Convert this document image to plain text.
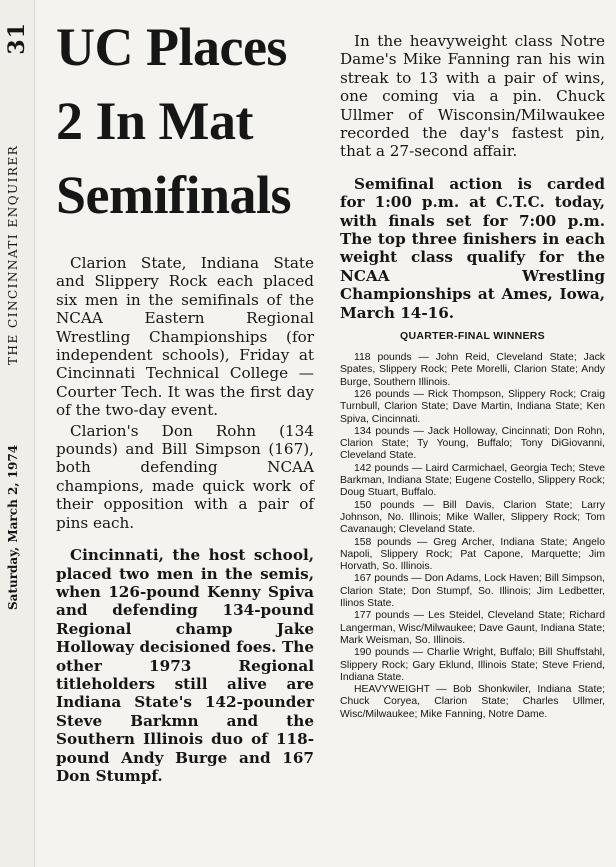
31
THE CINCINNATI ENQUIRER
Saturday, March 2, 1974
UC Places
2 In Mat
Semifinals

Clarion State, Indiana State and Slippery Rock each placed six men in the semifinals of the NCAA Eastern Regional Wrestling Championships (for independent schools), Friday at Cincinnati Technical College — Courter Tech. It was the first day of the two-day event.

Clarion's Don Rohn (134 pounds) and Bill Simpson (167), both defending NCAA champions, made quick work of their opposition with a pair of pins each.

Cincinnati, the host school, placed two men in the semis, when 126-pound Kenny Spiva and defending 134-pound Regional champ Jake Holloway decisioned foes. The other 1973 Regional titleholders still alive are Indiana State's 142-pounder Steve Barkmn and the Southern Illinois duo of 118-pound Andy Burge and 167 Don Stumpf.

In the heavyweight class Notre Dame's Mike Fanning ran his win streak to 13 with a pair of wins, one coming via a pin. Chuck Ullmer of Wisconsin/Milwaukee recorded the day's fastest pin, that a 27-second affair.

Semifinal action is carded for 1:00 p.m. at C.T.C. today, with finals set for 7:00 p.m. The top three finishers in each weight class qualify for the NCAA Wrestling Championships at Ames, Iowa, March 14-16.

QUARTER-FINAL WINNERS

118 pounds — John Reid, Cleveland State; Jack Spates, Slippery Rock; Pete Morelli, Clarion State; Andy Burge, Southern Illinois.

126 pounds — Rick Thompson, Slippery Rock; Craig Turnbull, Clarion State; Dave Martin, Indiana State; Ken Spiva, Cincinnati.

134 pounds — Jack Holloway, Cincinnati; Don Rohn, Clarion State; Ty Young, Buffalo; Tony DiGiovanni, Cleveland State.

142 pounds — Laird Carmichael, Georgia Tech; Steve Barkman, Indiana State; Eugene Costello, Slippery Rock; Doug Stuart, Buffalo.

150 pounds — Bill Davis, Clarion State; Larry Johnson, No. Illinois; Mike Waller, Slippery Rock; Tom Cavanaugh; Cleveland State.

158 pounds — Greg Archer, Indiana State; Angelo Napoli, Slippery Rock; Pat Capone, Marquette; Jim Horvath, So. Illinois.

167 pounds — Don Adams, Lock Haven; Bill Simpson, Clarion State; Don Stumpf, So. Illinois; Jim Ledbetter, Ilinos State.

177 pounds — Les Steidel, Cleveland State; Richard Langerman, Wisc/Milwaukee; Dave Gaunt, Indiana State; Mark Weisman, So. Illinois.

190 pounds — Charlie Wright, Buffalo; Bill Shuffstahl, Slippery Rock; Gary Eklund, Illinois State; Steve Friend, Indiana State.

HEAVYWEIGHT — Bob Shonkwiler, Indiana State; Chuck Coryea, Clarion State; Charles Ullmer, Wisc/Milwaukee; Mike Fanning, Notre Dame.
